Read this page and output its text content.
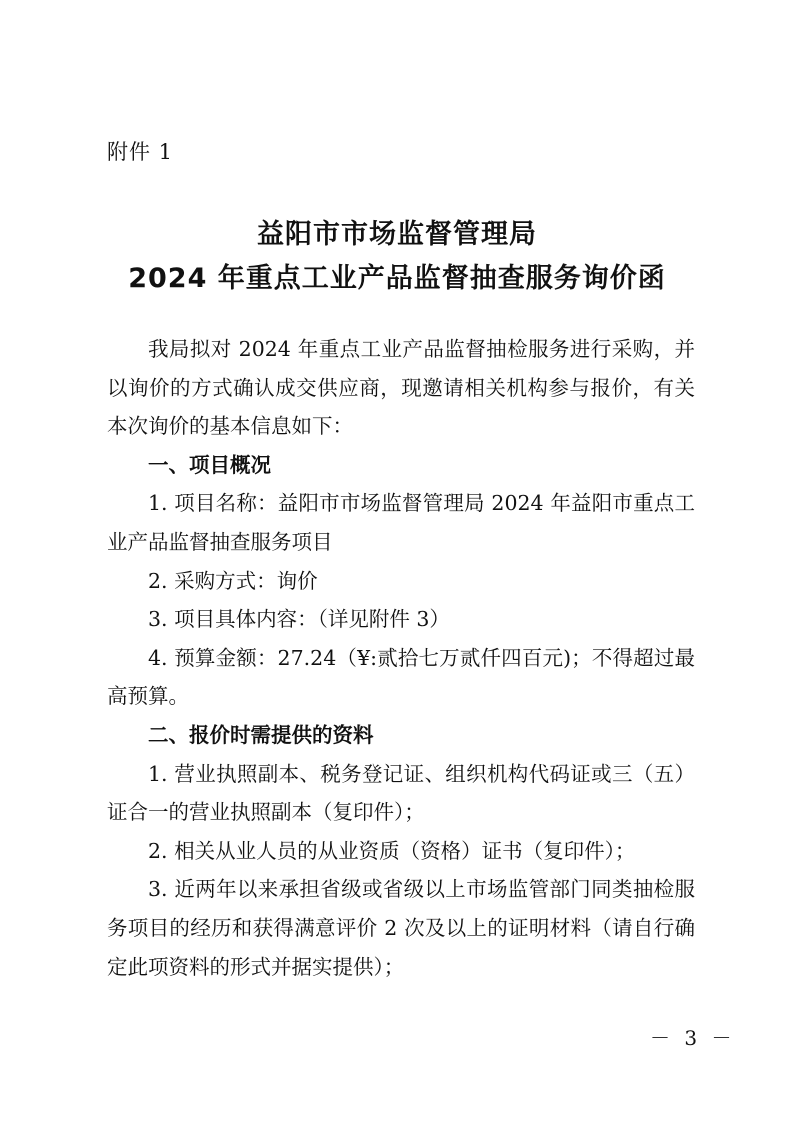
附件 1
益阳市市场监督管理局
2024 年重点工业产品监督抽查服务询价函

我局拟对 2024 年重点工业产品监督抽检服务进行采购，并以询价的方式确认成交供应商，现邀请相关机构参与报价，有关本次询价的基本信息如下：

一、项目概况

1. 项目名称：益阳市市场监督管理局 2024 年益阳市重点工业产品监督抽查服务项目

2. 采购方式：询价

3. 项目具体内容：（详见附件 3）

4. 预算金额：27.24（¥:贰拾七万贰仟四百元)；不得超过最高预算。

二、报价时需提供的资料

1. 营业执照副本、税务登记证、组织机构代码证或三（五）证合一的营业执照副本（复印件）；

2. 相关从业人员的从业资质（资格）证书（复印件）；

3. 近两年以来承担省级或省级以上市场监管部门同类抽检服务项目的经历和获得满意评价 2 次及以上的证明材料（请自行确定此项资料的形式并据实提供）；

－ 3 －
